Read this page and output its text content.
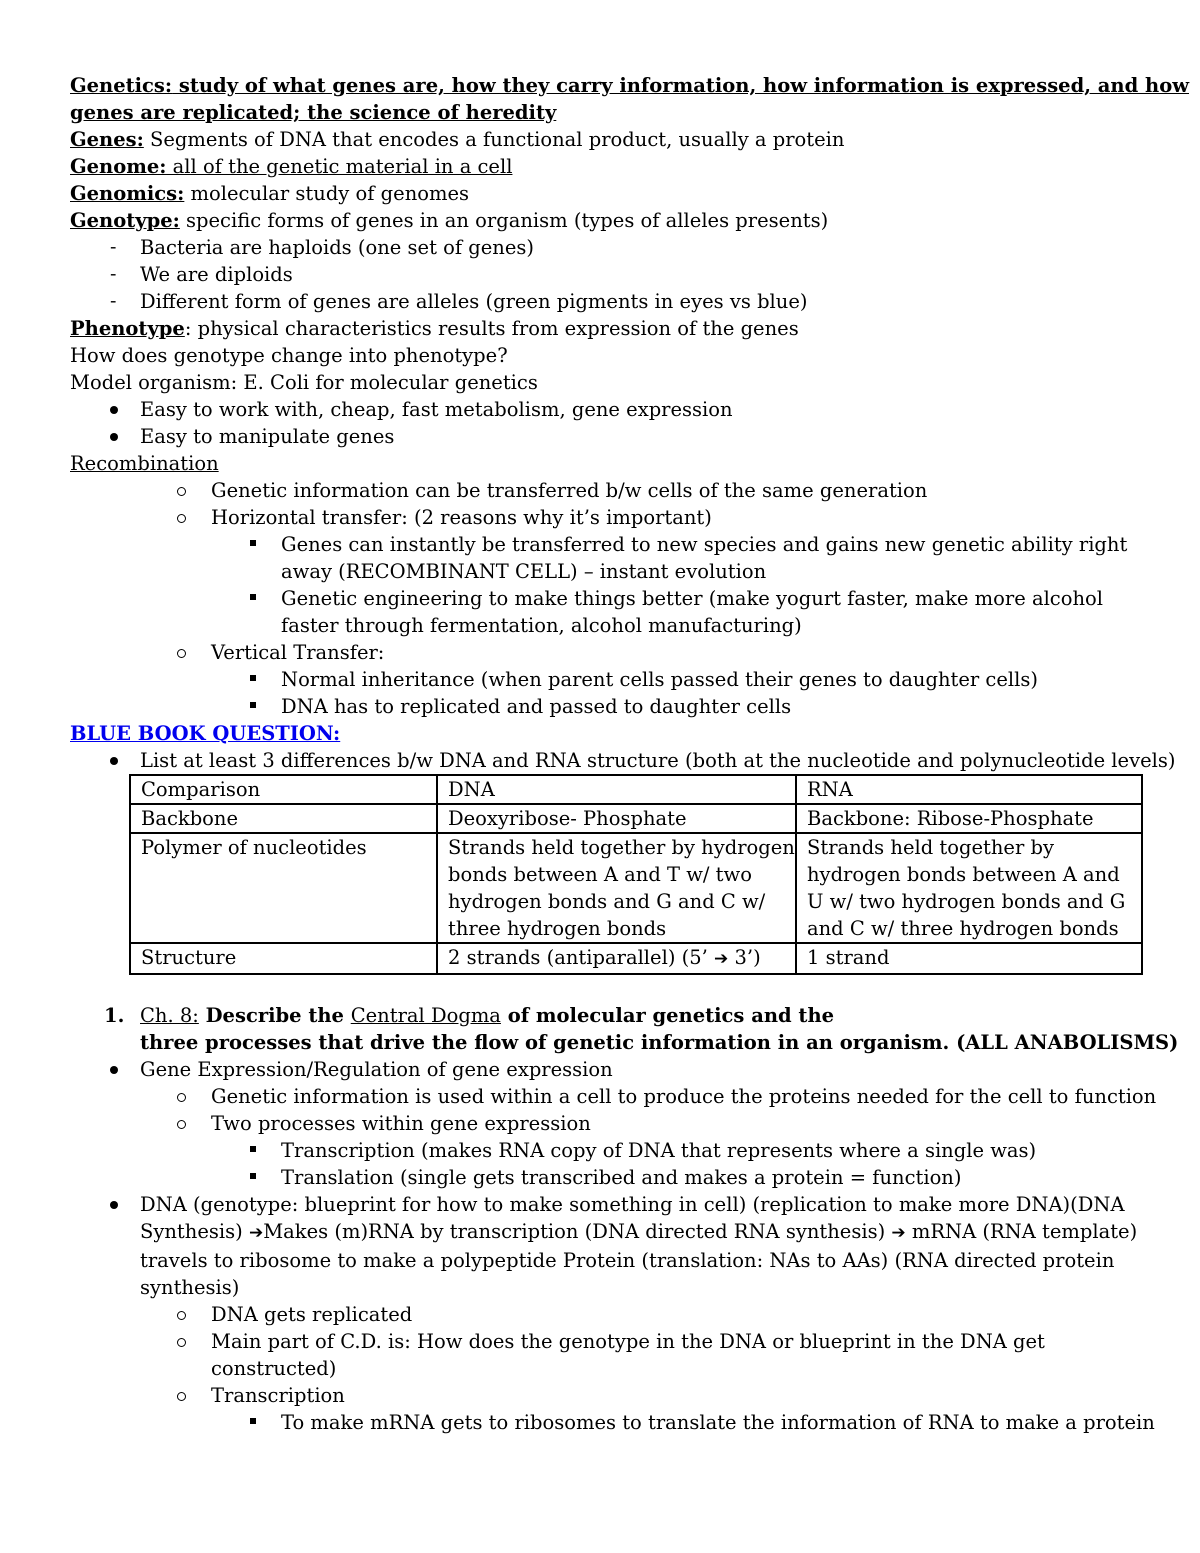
Genetics: study of what genes are, how they carry information, how information is expressed, and how
genes are replicated; the science of heredity
Genes: Segments of DNA that encodes a functional product, usually a protein
Genome: all of the genetic material in a cell
Genomics: molecular study of genomes
Genotype: specific forms of genes in an organism (types of alleles presents)
- Bacteria are haploids (one set of genes)
- We are diploids
- Different form of genes are alleles (green pigments in eyes vs blue)
Phenotype: physical characteristics results from expression of the genes
How does genotype change into phenotype?
Model organism: E. Coli for molecular genetics
Easy to work with, cheap, fast metabolism, gene expression
Easy to manipulate genes
Recombination
Genetic information can be transferred b/w cells of the same generation
Horizontal transfer: (2 reasons why it’s important)
Genes can instantly be transferred to new species and gains new genetic ability right away (RECOMBINANT CELL) – instant evolution
Genetic engineering to make things better (make yogurt faster, make more alcohol faster through fermentation, alcohol manufacturing)
Vertical Transfer:
Normal inheritance (when parent cells passed their genes to daughter cells)
DNA has to replicated and passed to daughter cells
BLUE BOOK QUESTION:
List at least 3 differences b/w DNA and RNA structure (both at the nucleotide and polynucleotide levels)
Comparison	DNA	RNA
Backbone	Deoxyribose- Phosphate	Backbone: Ribose-Phosphate
Polymer of nucleotides	Strands held together by hydrogen bonds between A and T w/ two hydrogen bonds and G and C w/ three hydrogen bonds	Strands held together by hydrogen bonds between A and U w/ two hydrogen bonds and G and C w/ three hydrogen bonds
Structure	2 strands (antiparallel) (5’ ➔ 3’)	1 strand
1. Ch. 8: Describe the Central Dogma of molecular genetics and the
three processes that drive the flow of genetic information in an organism. (ALL ANABOLISMS)
Gene Expression/Regulation of gene expression
Genetic information is used within a cell to produce the proteins needed for the cell to function
Two processes within gene expression
Transcription (makes RNA copy of DNA that represents where a single was)
Translation (single gets transcribed and makes a protein = function)
DNA (genotype: blueprint for how to make something in cell) (replication to make more DNA)(DNA Synthesis) ➔Makes (m)RNA by transcription (DNA directed RNA synthesis) ➔ mRNA (RNA template) travels to ribosome to make a polypeptide Protein (translation: NAs to AAs) (RNA directed protein synthesis)
DNA gets replicated
Main part of C.D. is: How does the genotype in the DNA or blueprint in the DNA get constructed)
Transcription
To make mRNA gets to ribosomes to translate the information of RNA to make a protein
